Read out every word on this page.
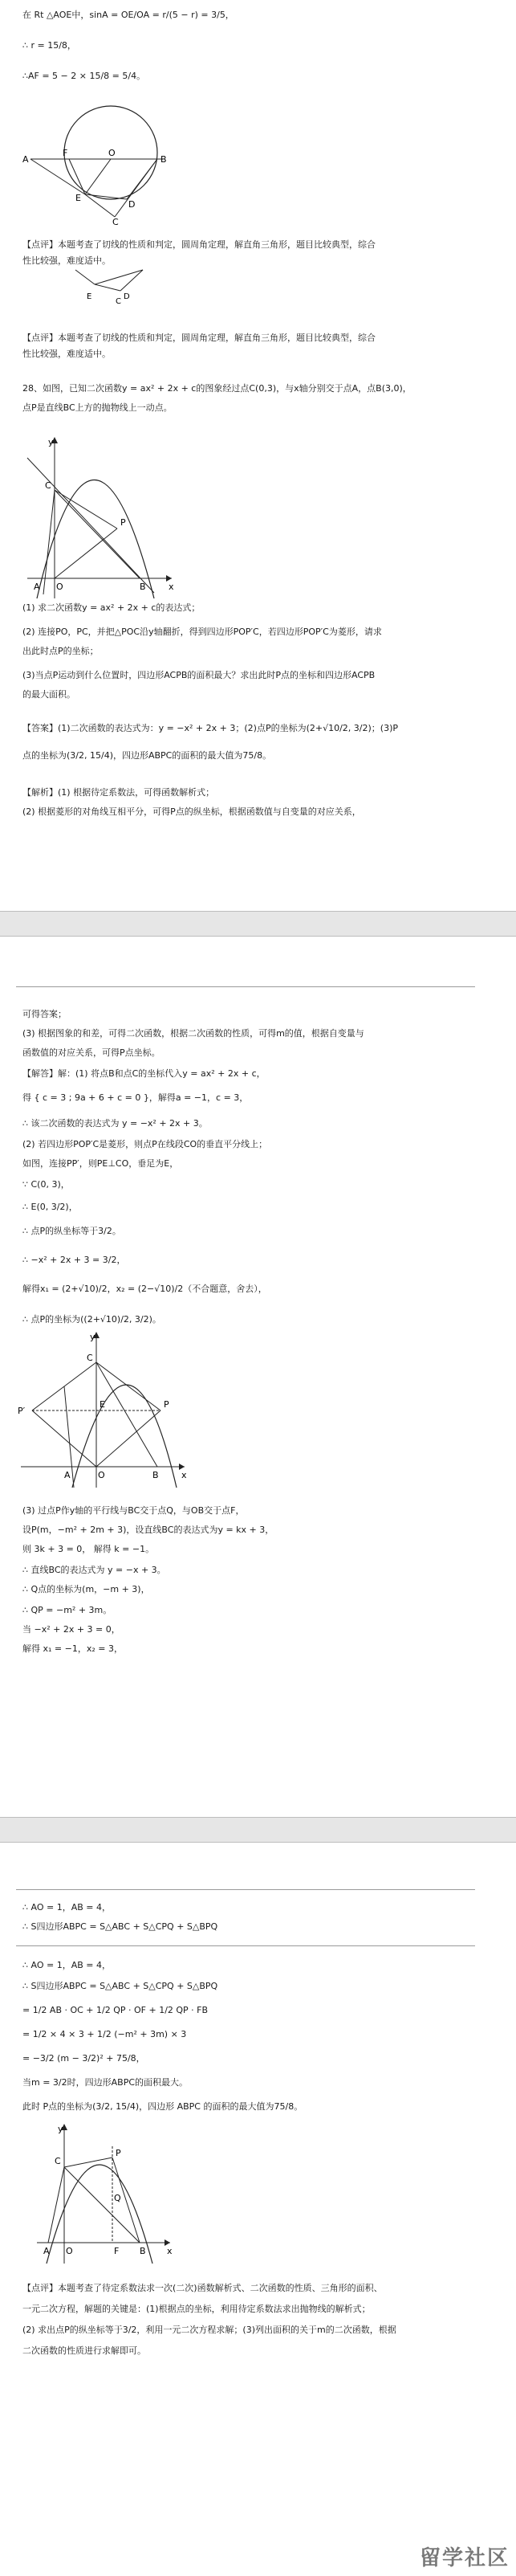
在 Rt △AOE中，sinA = OE/OA = r/(5 − r) = 3/5，
∴ r = 15/8，
∴AF = 5 − 2 × 15/8 = 5/4。
O
F
A	B
E
D
C
【点评】本题考查了切线的性质和判定，圆周角定理，解直角三角形，题目比较典型，综合
性比较强，难度适中。
E	D
C
【点评】本题考查了切线的性质和判定，圆周角定理，解直角三角形，题目比较典型，综合
性比较强，难度适中。
28、如图，已知二次函数y = ax² + 2x + c的图象经过点C(0,3)，与x轴分别交于点A，点B(3,0)，
点P是直线BC上方的抛物线上一动点。
y
C
P
A O	B	x
(1) 求二次函数y = ax² + 2x + c的表达式；
(2) 连接PO，PC，并把△POC沿y轴翻折，得到四边形POP′C，若四边形POP′C为菱形，请求
出此时点P的坐标；
(3)当点P运动到什么位置时，四边形ACPB的面积最大？求出此时P点的坐标和四边形ACPB
的最大面积。
【答案】(1)二次函数的表达式为：y = −x² + 2x + 3；(2)点P的坐标为(2+√10/2, 3/2)；(3)P
点的坐标为(3/2, 15/4)，四边形ABPC的面积的最大值为75/8。
【解析】(1) 根据待定系数法，可得函数解析式；
(2) 根据菱形的对角线互相平分，可得P点的纵坐标，根据函数值与自变量的对应关系，
可得答案；
(3) 根据图象的和差，可得二次函数，根据二次函数的性质，可得m的值，根据自变量与
函数值的对应关系，可得P点坐标。
【解答】解：(1) 将点B和点C的坐标代入y = ax² + 2x + c，
得 { c = 3 ; 9a + 6 + c = 0 }，解得a = −1，c = 3，
∴ 该二次函数的表达式为 y = −x² + 2x + 3。
(2) 若四边形POP′C是菱形，则点P在线段CO的垂直平分线上；
如图，连接PP′，则PE⊥CO，垂足为E，
∵ C(0, 3)，
∴ E(0, 3/2)，
∴ 点P的纵坐标等于3/2。
∴ −x² + 2x + 3 = 3/2，
解得x₁ = (2+√10)/2，x₂ = (2−√10)/2（不合题意，舍去），
∴ 点P的坐标为((2+√10)/2, 3/2)。
y
C
P′
E	P
A	O	B	x
(3) 过点P作y轴的平行线与BC交于点Q，与OB交于点F，
设P(m，−m² + 2m + 3)，设直线BC的表达式为y = kx + 3，
则 3k + 3 = 0， 解得 k = −1。
∴ 直线BC的表达式为 y = −x + 3。
∴ Q点的坐标为(m，−m + 3)，
∴ QP = −m² + 3m。
当 −x² + 2x + 3 = 0，
解得 x₁ = −1，x₂ = 3，
∴ AO = 1，AB = 4，
∴ S四边形ABPC = S△ABC + S△CPQ + S△BPQ
∴ AO = 1，AB = 4，
∴ S四边形ABPC = S△ABC + S△CPQ + S△BPQ
= 1/2 AB · OC + 1/2 QP · OF + 1/2 QP · FB
= 1/2 × 4 × 3 + 1/2 (−m² + 3m) × 3
= −3/2 (m − 3/2)² + 75/8，
当m = 3/2时，四边形ABPC的面积最大。
此时 P点的坐标为(3/2, 15/4)，四边形 ABPC 的面积的最大值为75/8。
y
C
P
Q
A O	F B x
【点评】本题考查了待定系数法求一次(二次)函数解析式、二次函数的性质、三角形的面积、
一元二次方程，解题的关键是：(1)根据点的坐标，利用待定系数法求出抛物线的解析式；
(2) 求出点P的纵坐标等于3/2，利用一元二次方程求解；(3)列出面积的关于m的二次函数，根据
二次函数的性质进行求解即可。
留学社区
